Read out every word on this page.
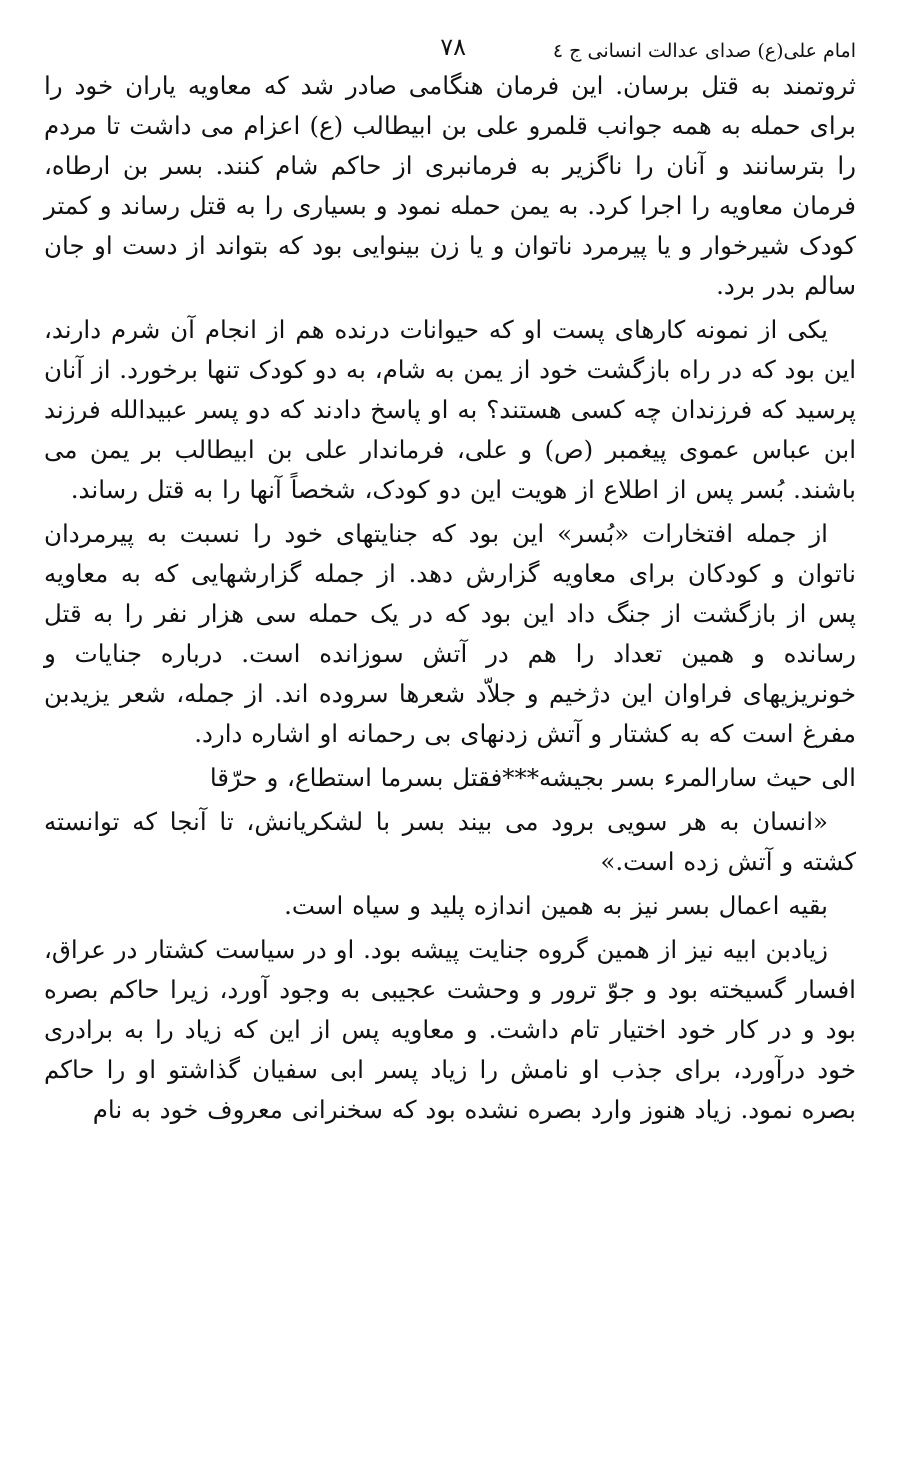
امام علی(ع) صدای عدالت انسانی ج ٤
۷۸

ثروتمند به قتل برسان. این فرمان هنگامی صادر شد که معاویه یاران خود را برای حمله به همه جوانب قلمرو علی بن ابیطالب (ع) اعزام می داشت تا مردم را بترسانند و آنان را ناگزیر به فرمانبری از حاکم شام کنند. بسر بن ارطاه، فرمان معاویه را اجرا کرد. به یمن حمله نمود و بسیاری را به قتل رساند و کمتر کودک شیرخوار و یا پیرمرد ناتوان و یا زن بینوایی بود که بتواند از دست او جان سالم بدر برد.

یکی از نمونه کارهای پست او که حیوانات درنده هم از انجام آن شرم دارند، این بود که در راه بازگشت خود از یمن به شام، به دو کودک تنها برخورد. از آنان پرسید که فرزندان چه کسی هستند؟ به او پاسخ دادند که دو پسر عبیدالله فرزند ابن عباس عموی پیغمبر (ص) و علی، فرماندار علی بن ابیطالب بر یمن می باشند. بُسر پس از اطلاع از هویت این دو کودک، شخصاً آنها را به قتل رساند.

از جمله افتخارات «بُسر» این بود که جنایتهای خود را نسبت به پیرمردان ناتوان و کودکان برای معاویه گزارش دهد. از جمله گزارشهایی که به معاویه پس از بازگشت از جنگ داد این بود که در یک حمله سی هزار نفر را به قتل رسانده و همین تعداد را هم در آتش سوزانده است. درباره جنایات و خونریزیهای فراوان این دژخیم و جلاّد شعرها سروده اند. از جمله، شعر یزیدبن مفرغ است که به کشتار و آتش زدنهای بی رحمانه او اشاره دارد.

الی حیث سارالمرء بسر بجیشه***فقتل بسرما استطاع، و حرّقا

«انسان به هر سویی برود می بیند بسر با لشکریانش، تا آنجا که توانسته کشته و آتش زده است.»

بقیه اعمال بسر نیز به همین اندازه پلید و سیاه است.

زیادبن ابیه نیز از همین گروه جنایت پیشه بود. او در سیاست کشتار در عراق، افسار گسیخته بود و جوّ ترور و وحشت عجیبی به وجود آورد، زیرا حاکم بصره بود و در کار خود اختیار تام داشت. و معاویه پس از این که زیاد را به برادری خود درآورد، برای جذب او نامش را زیاد پسر ابی سفیان گذاشتو او را حاکم بصره نمود. زیاد هنوز وارد بصره نشده بود که سخنرانی معروف خود به نام
